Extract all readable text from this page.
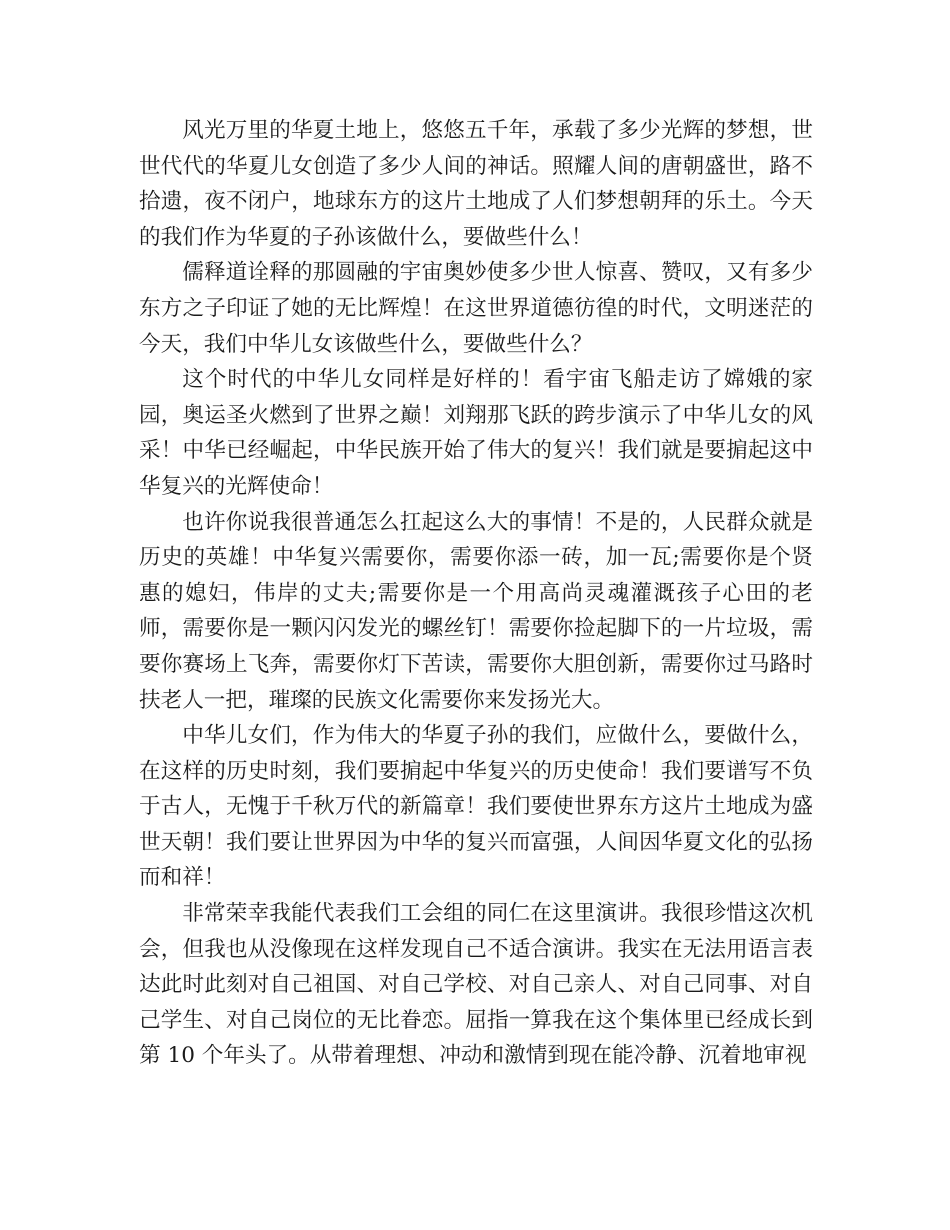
风光万里的华夏土地上，悠悠五千年，承载了多少光辉的梦想，世世代代的华夏儿女创造了多少人间的神话。照耀人间的唐朝盛世，路不拾遗，夜不闭户，地球东方的这片土地成了人们梦想朝拜的乐土。今天的我们作为华夏的子孙该做什么，要做些什么！

儒释道诠释的那圆融的宇宙奥妙使多少世人惊喜、赞叹，又有多少东方之子印证了她的无比辉煌！在这世界道德彷徨的时代，文明迷茫的今天，我们中华儿女该做些什么，要做些什么？

这个时代的中华儿女同样是好样的！看宇宙飞船走访了嫦娥的家园，奥运圣火燃到了世界之巅！刘翔那飞跃的跨步演示了中华儿女的风采！中华已经崛起，中华民族开始了伟大的复兴！我们就是要掮起这中华复兴的光辉使命！

也许你说我很普通怎么扛起这么大的事情！不是的，人民群众就是历史的英雄！中华复兴需要你，需要你添一砖，加一瓦;需要你是个贤惠的媳妇，伟岸的丈夫;需要你是一个用高尚灵魂灌溉孩子心田的老师，需要你是一颗闪闪发光的螺丝钉！需要你捡起脚下的一片垃圾，需要你赛场上飞奔，需要你灯下苦读，需要你大胆创新，需要你过马路时扶老人一把，璀璨的民族文化需要你来发扬光大。

中华儿女们，作为伟大的华夏子孙的我们，应做什么，要做什么，在这样的历史时刻，我们要掮起中华复兴的历史使命！我们要谱写不负于古人，无愧于千秋万代的新篇章！我们要使世界东方这片土地成为盛世天朝！我们要让世界因为中华的复兴而富强，人间因华夏文化的弘扬而和祥！

非常荣幸我能代表我们工会组的同仁在这里演讲。我很珍惜这次机会，但我也从没像现在这样发现自己不适合演讲。我实在无法用语言表达此时此刻对自己祖国、对自己学校、对自己亲人、对自己同事、对自己学生、对自己岗位的无比眷恋。屈指一算我在这个集体里已经成长到第 10 个年头了。从带着理想、冲动和激情到现在能冷静、沉着地审视
